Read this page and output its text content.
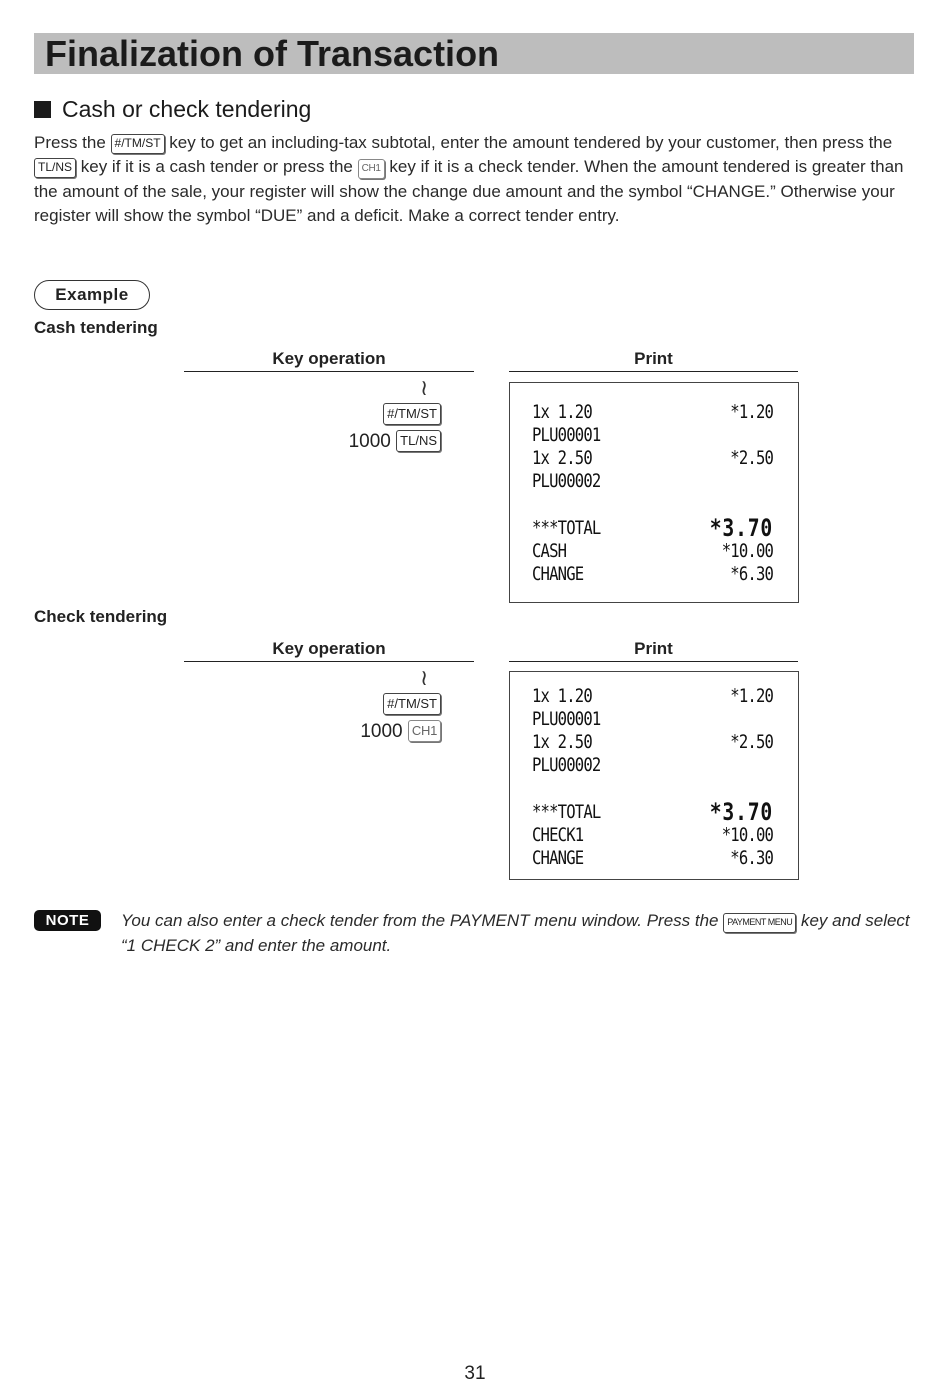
Finalization of Transaction
Cash or check tendering
Press the #/TM/ST key to get an including-tax subtotal, enter the amount tendered by your customer, then press the TL/NS key if it is a cash tender or press the CH1 key if it is a check tender. When the amount tendered is greater than the amount of the sale, your register will show the change due amount and the symbol “CHANGE.” Otherwise your register will show the symbol “DUE” and a deficit. Make a correct tender entry.
Example
Cash tendering
Key operation	Print
≀
#/TM/ST
1000 TL/NS
1x 1.20	*1.20
PLU00001
1x 2.50	*2.50
PLU00002
***TOTAL	*3.70
CASH	*10.00
CHANGE	*6.30
Check tendering
Key operation	Print
≀
#/TM/ST
1000 CH1
1x 1.20	*1.20
PLU00001
1x 2.50	*2.50
PLU00002
***TOTAL	*3.70
CHECK1	*10.00
CHANGE	*6.30
NOTE	You can also enter a check tender from the PAYMENT menu window. Press the PAYMENT MENU key and select “1 CHECK 2” and enter the amount.
31
